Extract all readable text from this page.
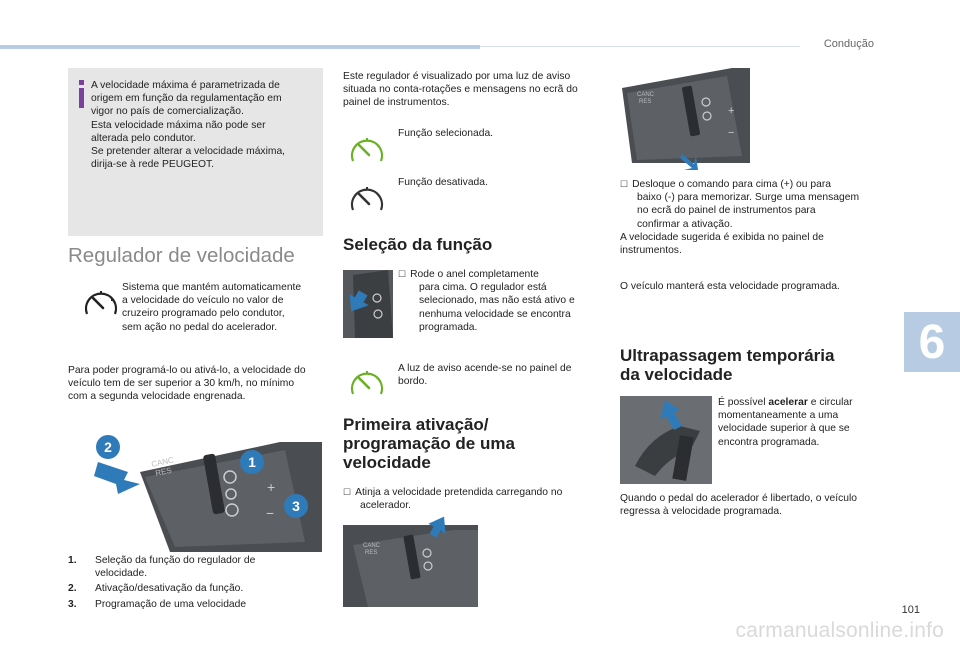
Condução
6
101
carmanualsonline.info

A velocidade máxima é parametrizada de
origem em função da regulamentação em
vigor no país de comercialização.
Esta velocidade máxima não pode ser
alterada pelo condutor.
Se pretender alterar a velocidade máxima,
dirija-se à rede PEUGEOT.

Regulador de velocidade

Sistema que mantém automaticamente
a velocidade do veículo no valor de
cruzeiro programado pelo condutor,
sem ação no pedal do acelerador.

Para poder programá-lo ou ativá-lo, a velocidade do
veículo tem de ser superior a 30 km/h, no mínimo
com a segunda velocidade engrenada.

CANC
RES
+
−
2
1
3
1.	Seleção da função do regulador de
velocidade.
2.	Ativação/desativação da função.
3.	Programação de uma velocidade

Este regulador é visualizado por uma luz de aviso
situada no conta-rotações e mensagens no ecrã do
painel de instrumentos.

Função selecionada.

Função desativada.

Seleção da função

☐ Rode o anel completamente
para cima. O regulador está
selecionado, mas não está ativo e
nenhuma velocidade se encontra
programada.

A luz de aviso acende-se no painel de
bordo.

Primeira ativação/
programação de uma
velocidade

☐ Atinja a velocidade pretendida carregando no
acelerador.

CANC
RES
CANC
RES
+
−

☐ Desloque o comando para cima (+) ou para
baixo (-) para memorizar. Surge uma mensagem
no ecrã do painel de instrumentos para
confirmar a ativação.
A velocidade sugerida é exibida no painel de
instrumentos.

O veículo manterá esta velocidade programada.

Ultrapassagem temporária
da velocidade

É possível acelerar e circular
momentaneamente a uma
velocidade superior à que se
encontra programada.

Quando o pedal do acelerador é libertado, o veículo
regressa à velocidade programada.
